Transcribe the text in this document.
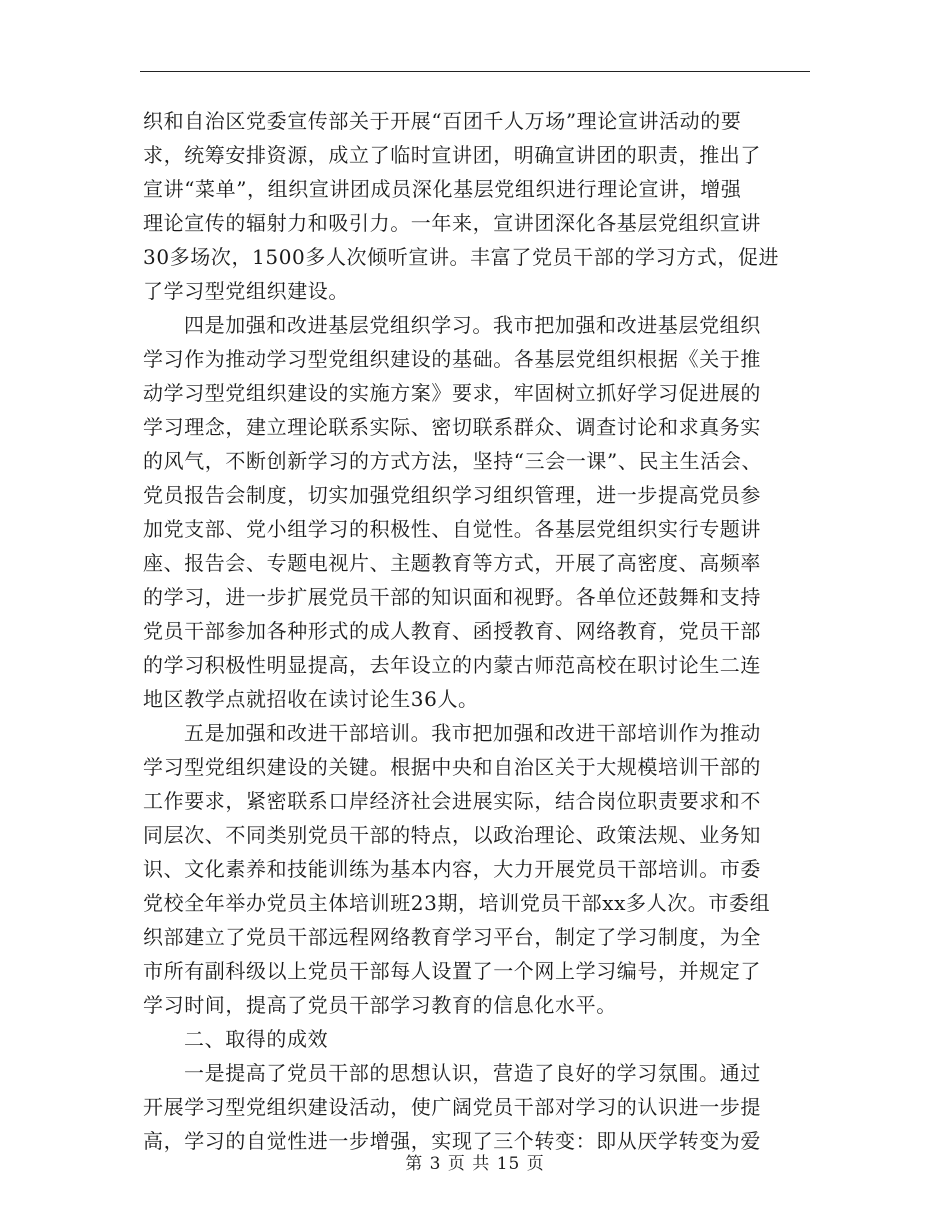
织和自治区党委宣传部关于开展“百团千人万场”理论宣讲活动的要
求，统筹安排资源，成立了临时宣讲团，明确宣讲团的职责，推出了
宣讲“菜单”，组织宣讲团成员深化基层党组织进行理论宣讲，增强
理论宣传的辐射力和吸引力。一年来，宣讲团深化各基层党组织宣讲
30多场次，1500多人次倾听宣讲。丰富了党员干部的学习方式，促进
了学习型党组织建设。
四是加强和改进基层党组织学习。我市把加强和改进基层党组织
学习作为推动学习型党组织建设的基础。各基层党组织根据《关于推
动学习型党组织建设的实施方案》要求，牢固树立抓好学习促进展的
学习理念，建立理论联系实际、密切联系群众、调查讨论和求真务实
的风气，不断创新学习的方式方法，坚持“三会一课”、民主生活会、
党员报告会制度，切实加强党组织学习组织管理，进一步提高党员参
加党支部、党小组学习的积极性、自觉性。各基层党组织实行专题讲
座、报告会、专题电视片、主题教育等方式，开展了高密度、高频率
的学习，进一步扩展党员干部的知识面和视野。各单位还鼓舞和支持
党员干部参加各种形式的成人教育、函授教育、网络教育，党员干部
的学习积极性明显提高，去年设立的内蒙古师范高校在职讨论生二连
地区教学点就招收在读讨论生36人。
五是加强和改进干部培训。我市把加强和改进干部培训作为推动
学习型党组织建设的关键。根据中央和自治区关于大规模培训干部的
工作要求，紧密联系口岸经济社会进展实际，结合岗位职责要求和不
同层次、不同类别党员干部的特点，以政治理论、政策法规、业务知
识、文化素养和技能训练为基本内容，大力开展党员干部培训。市委
党校全年举办党员主体培训班23期，培训党员干部xx多人次。市委组
织部建立了党员干部远程网络教育学习平台，制定了学习制度，为全
市所有副科级以上党员干部每人设置了一个网上学习编号，并规定了
学习时间，提高了党员干部学习教育的信息化水平。
二、取得的成效
一是提高了党员干部的思想认识，营造了良好的学习氛围。通过
开展学习型党组织建设活动，使广阔党员干部对学习的认识进一步提
高，学习的自觉性进一步增强，实现了三个转变：即从厌学转变为爱
第 3 页 共 15 页
